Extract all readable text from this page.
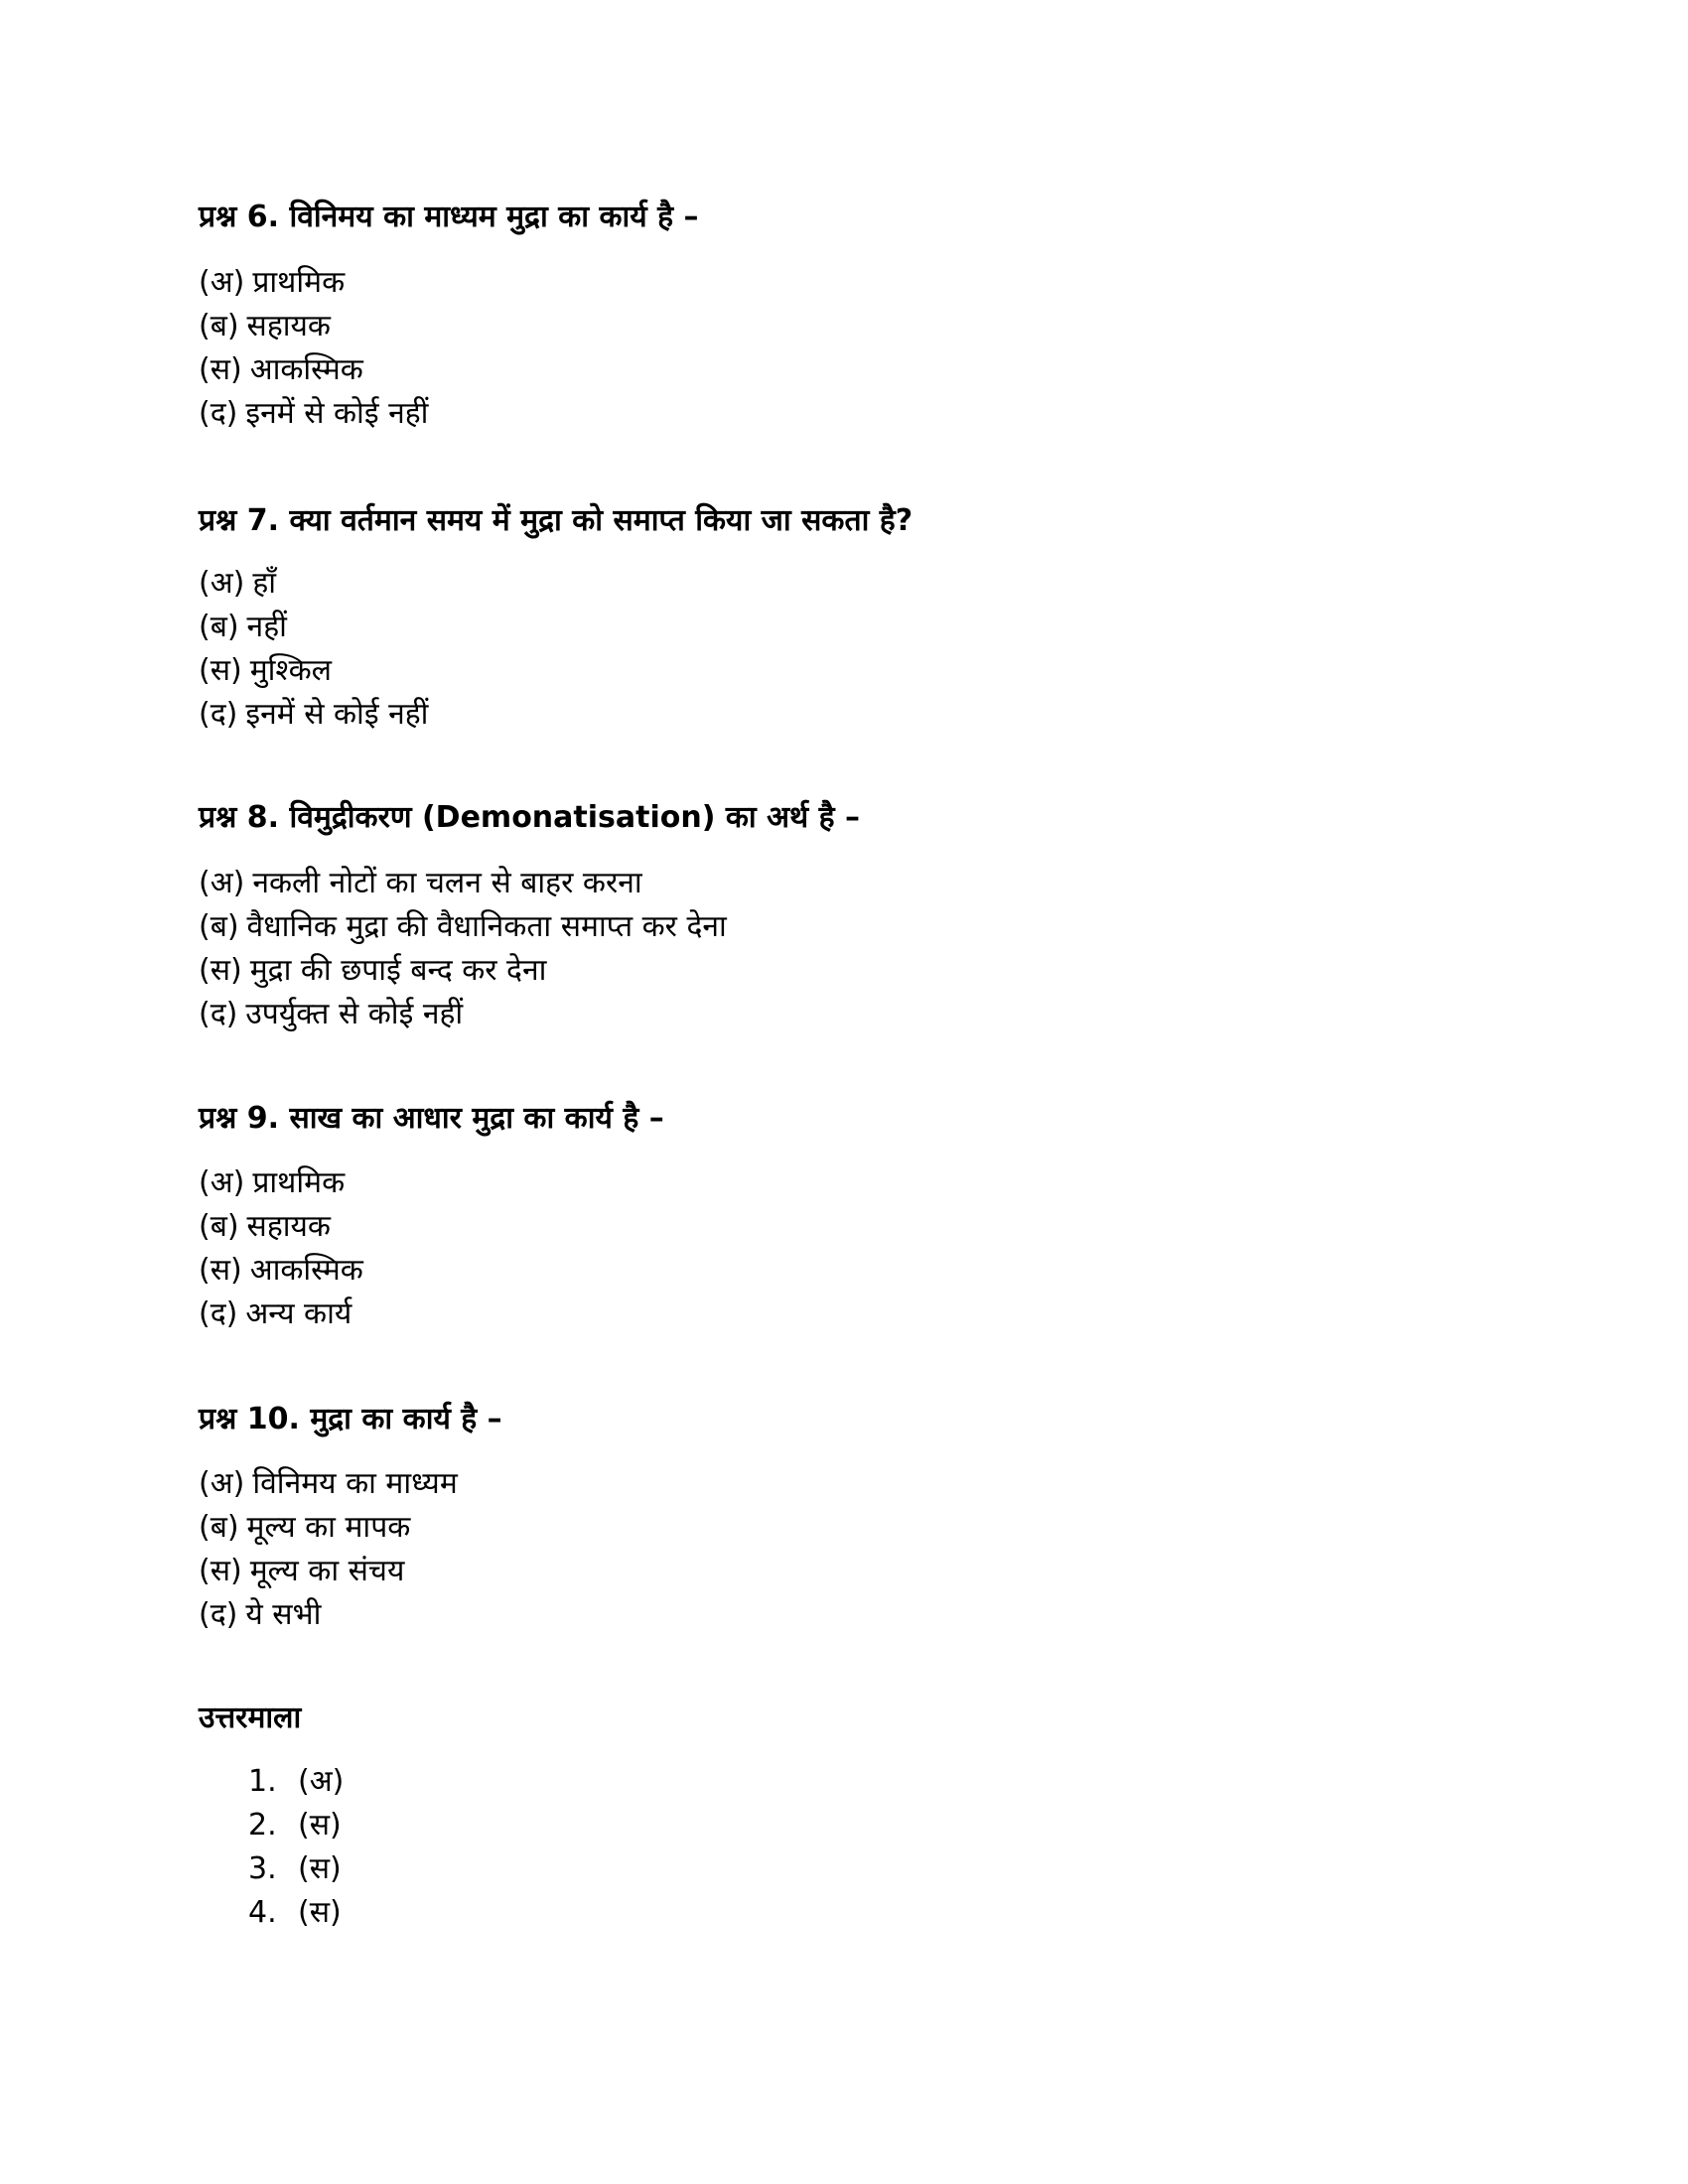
प्रश्न 6. विनिमय का माध्यम मुद्रा का कार्य है –
(अ) प्राथमिक
(ब) सहायक
(स) आकस्मिक
(द) इनमें से कोई नहीं
प्रश्न 7. क्या वर्तमान समय में मुद्रा को समाप्त किया जा सकता है?
(अ) हाँ
(ब) नहीं
(स) मुश्किल
(द) इनमें से कोई नहीं
प्रश्न 8. विमुद्रीकरण (Demonatisation) का अर्थ है –
(अ) नकली नोटों का चलन से बाहर करना
(ब) वैधानिक मुद्रा की वैधानिकता समाप्त कर देना
(स) मुद्रा की छपाई बन्द कर देना
(द) उपर्युक्त से कोई नहीं
प्रश्न 9. साख का आधार मुद्रा का कार्य है –
(अ) प्राथमिक
(ब) सहायक
(स) आकस्मिक
(द) अन्य कार्य
प्रश्न 10. मुद्रा का कार्य है –
(अ) विनिमय का माध्यम
(ब) मूल्य का मापक
(स) मूल्य का संचय
(द) ये सभी
उत्तरमाला
1. (अ)
2. (स)
3. (स)
4. (स)
